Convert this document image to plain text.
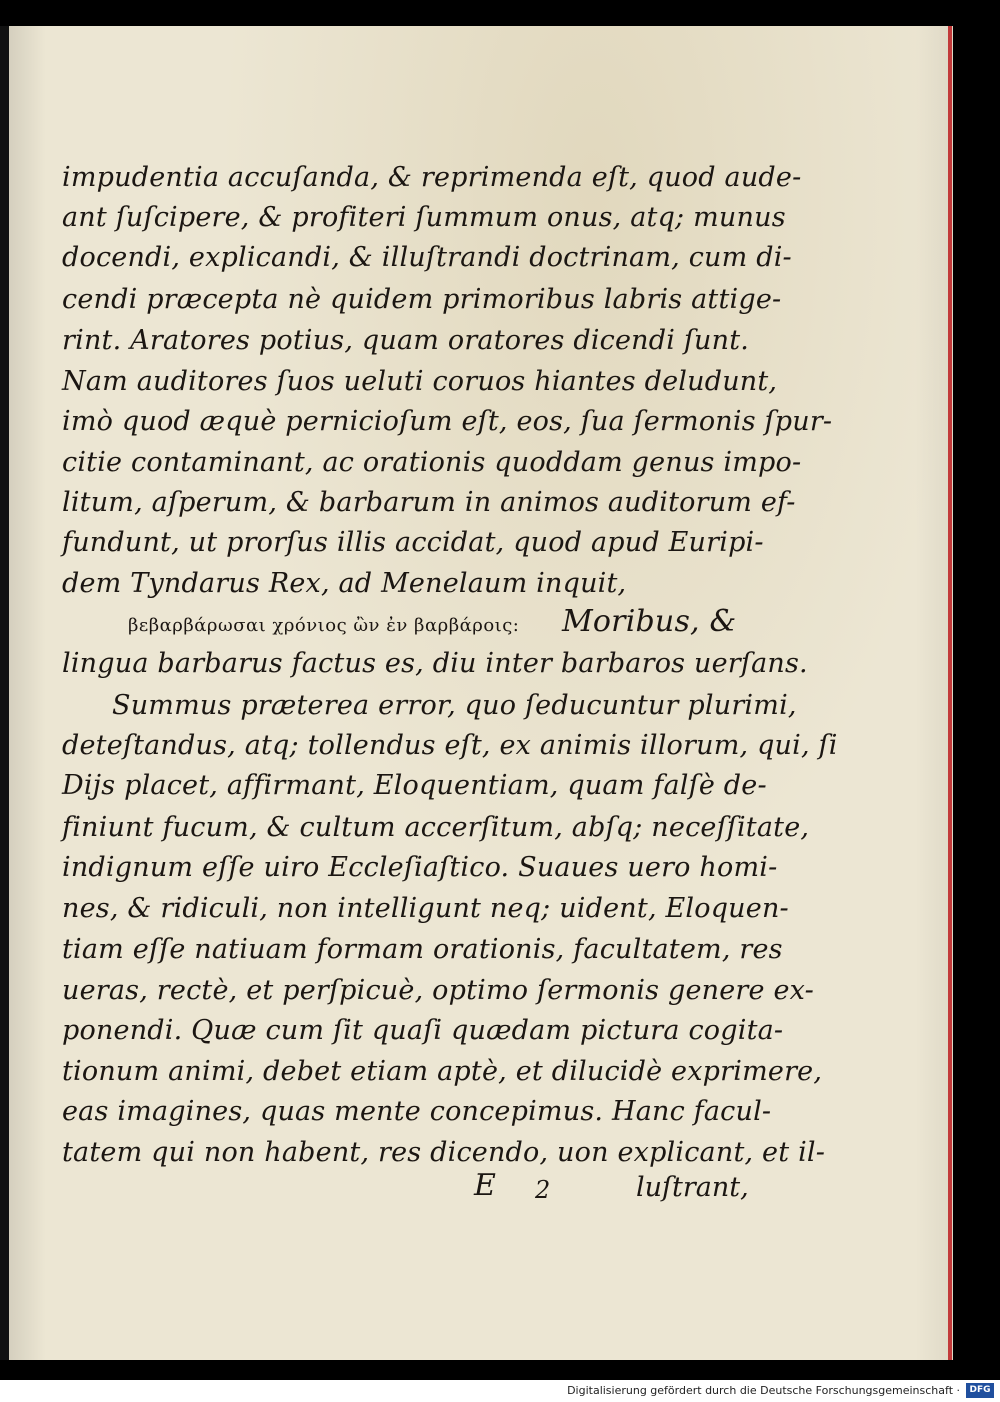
impudentia accuſanda, & reprimenda eſt, quod aude-
ant ſuſcipere, & profiteri ſummum onus, atq; munus
docendi, explicandi, & illuſtrandi doctrinam, cum di-
cendi præcepta nè quidem primoribus labris attige-
rint. Aratores potius, quam oratores dicendi ſunt.
Nam auditores ſuos ueluti coruos hiantes deludunt,
imò quod æquè pernicioſum eſt, eos, ſua ſermonis ſpur-
citie contaminant, ac orationis quoddam genus impo-
litum, aſperum, & barbarum in animos auditorum ef-
fundunt, ut prorſus illis accidat, quod apud Euripi-
dem Tyndarus Rex, ad Menelaum inquit,
βεβαρβάρωσαι χρόνιος ὢν ἐν βαρβάροις: Moribus, &
lingua barbarus factus es, diu inter barbaros uerſans.
Summus præterea error, quo ſeducuntur plurimi,
deteſtandus, atq; tollendus eſt, ex animis illorum, qui, ſi
Dijs placet, affirmant, Eloquentiam, quam falſè de-
finiunt fucum, & cultum accerſitum, abſq; neceſſitate,
indignum eſſe uiro Eccleſiaſtico. Suaues uero homi-
nes, & ridiculi, non intelligunt neq; uident, Eloquen-
tiam eſſe natiuam formam orationis, facultatem, res
ueras, rectè, et perſpicuè, optimo ſermonis genere ex-
ponendi. Quæ cum ſit quaſi quædam pictura cogita-
tionum animi, debet etiam aptè, et dilucidè exprimere,
eas imagines, quas mente concepimus. Hanc facul-
tatem qui non habent, res dicendo, uon explicant, et il-
E 2	luſtrant,
Digitalisierung gefördert durch die Deutsche Forschungsgemeinschaft ·	DFG
